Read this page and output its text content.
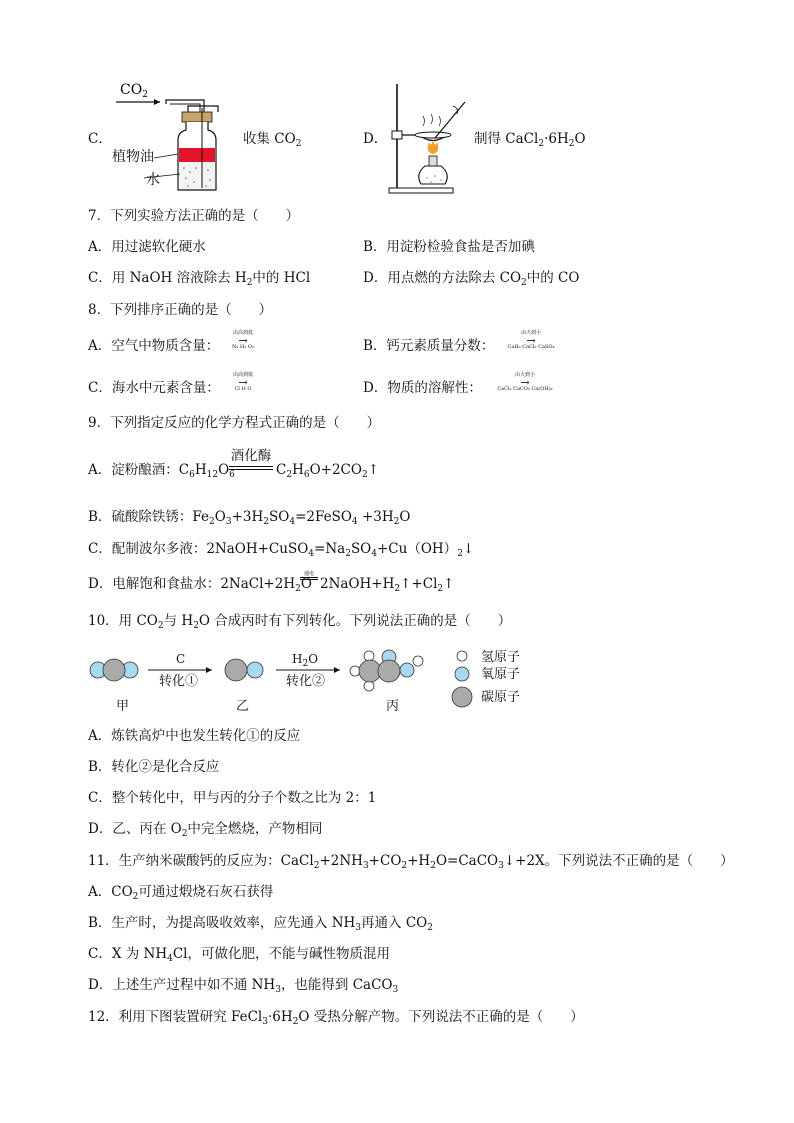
C．
$CO_2$
植物油
水
收集 $CO_2$	D．	制得 $CaCl_2\cdot 6H_2O$
7．下列实验方法正确的是（　　）
A．用过滤软化硬水	B．用淀粉检验食盐是否加碘
C．用 NaOH 溶液除去 $H_2$中的 HCl	D．用点燃的方法除去 $CO_2$中的 CO
8．下列排序正确的是（　　）
A．空气中物质含量：
由高到低
→
N₂ H₂ O₂	B．钙元素质量分数：
由大到小
→
CaH₂ CaCl₂ CaSO₄
C．海水中元素含量：
由高到低
→
Cl H O	D．物质的溶解性：
由大到小
→
CaCl₂ CaCO₃ Ca(OH)₂
9．下列指定反应的化学方程式正确的是（　　）
A．淀粉酿酒：$C_6H_{12}O_6$
酒化酶
$C_2H_6O+2CO_2↑$
B．硫酸除铁锈：$Fe_2O_3+3H_2SO_4=2FeSO_4 +3H_2O$
C．配制波尔多液：$2NaOH+CuSO_4=Na_2SO_4+Cu(OH)_2↓$
D．电解饱和食盐水：$2NaCl+2H_2O$
通电
$2NaOH+H_2↑+Cl_2↑$
10．用 $CO_2$与 $H_2O$ 合成丙时有下列转化。下列说法正确的是（　　）
C
转化①
$H_2O$
转化②
氢原子
氧原子
碳原子
甲	乙	丙
A．炼铁高炉中也发生转化①的反应
B．转化②是化合反应
C．整个转化中，甲与丙的分子个数之比为 2：1
D．乙、丙在 $O_2$中完全燃烧，产物相同
11．生产纳米碳酸钙的反应为：$CaCl_2+2NH_3+CO_2+H_2O=CaCO_3↓+2X$。下列说法不正确的是（　　）
A．$CO_2$可通过煅烧石灰石获得
B．生产时，为提高吸收效率，应先通入 $NH_3$再通入 $CO_2$
C．X 为 $NH_4Cl$，可做化肥，不能与碱性物质混用
D．上述生产过程中如不通 $NH_3$，也能得到 CaCO$_3$
12．利用下图装置研究 $FeCl_3\cdot 6H_2O$ 受热分解产物。下列说法不正确的是（　　）
